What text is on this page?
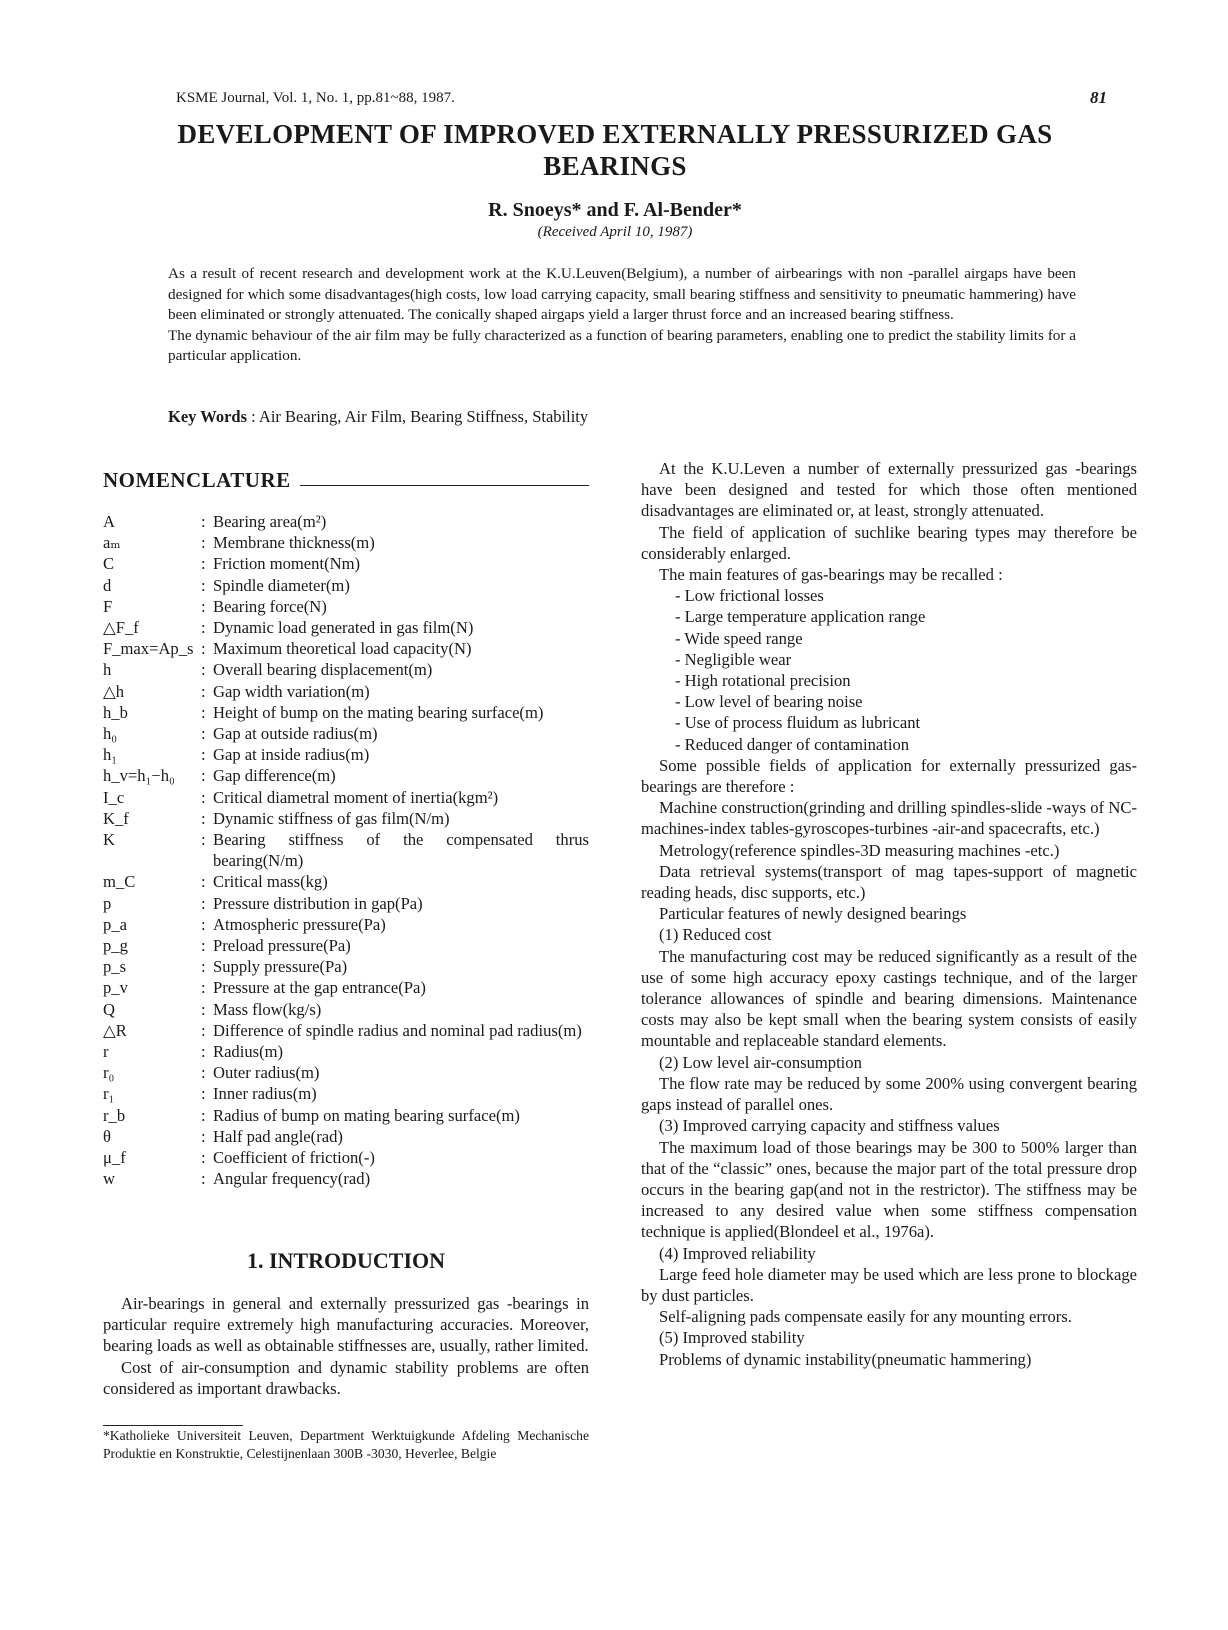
KSME Journal, Vol. 1, No. 1, pp.81~88, 1987.	81
DEVELOPMENT OF IMPROVED EXTERNALLY PRESSURIZED GAS BEARINGS
R. Snoeys* and F. Al-Bender*
(Received April 10, 1987)

As a result of recent research and development work at the K.U.Leuven(Belgium), a number of airbearings with non -parallel airgaps have been designed for which some disadvantages(high costs, low load carrying capacity, small bearing stiffness and sensitivity to pneumatic hammering) have been eliminated or strongly attenuated. The conically shaped airgaps yield a larger thrust force and an increased bearing stiffness.

The dynamic behaviour of the air film may be fully characterized as a function of bearing parameters, enabling one to predict the stability limits for a particular application.

Key Words : Air Bearing, Air Film, Bearing Stiffness, Stability
NOMENCLATURE
A	: Bearing area(m²)
aₘ	: Membrane thickness(m)
C	: Friction moment(Nm)
d	: Spindle diameter(m)
F	: Bearing force(N)
△F_f	: Dynamic load generated in gas film(N)
F_max=Ap_s : Maximum theoretical load capacity(N)
h	: Overall bearing displacement(m)
△h	: Gap width variation(m)
h_b	: Height of bump on the mating bearing surface(m)
h₀	: Gap at outside radius(m)
h₁	: Gap at inside radius(m)
h_v=h₁−h₀	: Gap difference(m)
I_c	: Critical diametral moment of inertia(kgm²)
K_f	: Dynamic stiffness of gas film(N/m)
K	: Bearing stiffness of the compensated thrus bearing(N/m)
m_C	: Critical mass(kg)
p	: Pressure distribution in gap(Pa)
p_a	: Atmospheric pressure(Pa)
p_g	: Preload pressure(Pa)
p_s	: Supply pressure(Pa)
p_v	: Pressure at the gap entrance(Pa)
Q	: Mass flow(kg/s)
△R	: Difference of spindle radius and nominal pad radius(m)
r	: Radius(m)
r₀	: Outer radius(m)
r₁	: Inner radius(m)
r_b	: Radius of bump on mating bearing surface(m)
θ	: Half pad angle(rad)
μ_f	: Coefficient of friction(-)
w	: Angular frequency(rad)
1. INTRODUCTION

Air-bearings in general and externally pressurized gas -bearings in particular require extremely high manufacturing accuracies. Moreover, bearing loads as well as obtainable stiffnesses are, usually, rather limited.

Cost of air-consumption and dynamic stability problems are often considered as important drawbacks.

*Katholieke Universiteit Leuven, Department Werktuigkunde Afdeling Mechanische Produktie en Konstruktie, Celestijnenlaan 300B -3030, Heverlee, Belgie

At the K.U.Leven a number of externally pressurized gas -bearings have been designed and tested for which those often mentioned disadvantages are eliminated or, at least, strongly attenuated.

The field of application of suchlike bearing types may therefore be considerably enlarged.

The main features of gas-bearings may be recalled :

- Low frictional losses

- Large temperature application range

- Wide speed range

- Negligible wear

- High rotational precision

- Low level of bearing noise

- Use of process fluidum as lubricant

- Reduced danger of contamination

Some possible fields of application for externally pressurized gas-bearings are therefore :

Machine construction(grinding and drilling spindles-slide -ways of NC-machines-index tables-gyroscopes-turbines -air-and spacecrafts, etc.)

Metrology(reference spindles-3D measuring machines -etc.)

Data retrieval systems(transport of mag tapes-support of magnetic reading heads, disc supports, etc.)

Particular features of newly designed bearings

(1) Reduced cost

The manufacturing cost may be reduced significantly as a result of the use of some high accuracy epoxy castings technique, and of the larger tolerance allowances of spindle and bearing dimensions. Maintenance costs may also be kept small when the bearing system consists of easily mountable and replaceable standard elements.

(2) Low level air-consumption

The flow rate may be reduced by some 200% using convergent bearing gaps instead of parallel ones.

(3) Improved carrying capacity and stiffness values

The maximum load of those bearings may be 300 to 500% larger than that of the “classic” ones, because the major part of the total pressure drop occurs in the bearing gap(and not in the restrictor). The stiffness may be increased to any desired value when some stiffness compensation technique is applied(Blondeel et al., 1976a).

(4) Improved reliability

Large feed hole diameter may be used which are less prone to blockage by dust particles.

Self-aligning pads compensate easily for any mounting errors.

(5) Improved stability

Problems of dynamic instability(pneumatic hammering)
